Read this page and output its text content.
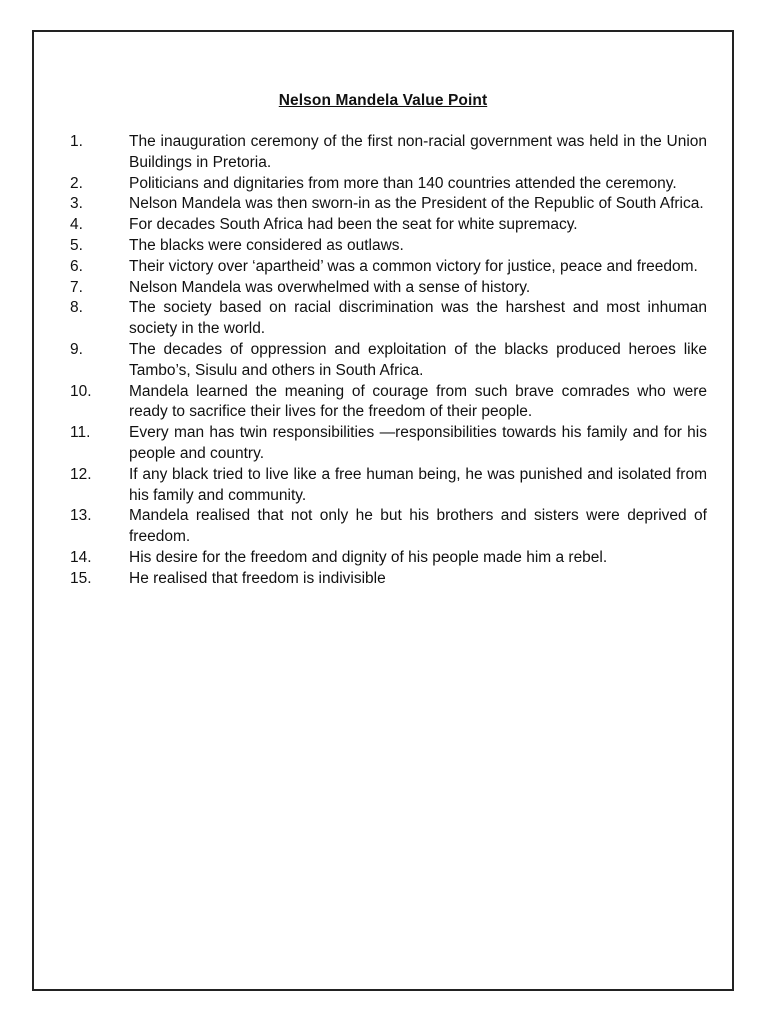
Nelson Mandela Value Point
1.	The inauguration ceremony of the first non-racial government was held in the Union Buildings in Pretoria.
2.	Politicians and dignitaries from more than 140 countries attended the ceremony.
3.	Nelson Mandela was then sworn-in as the President of the Republic of South Africa.
4.	For decades South Africa had been the seat for white supremacy.
5.	The blacks were considered as outlaws.
6.	Their victory over ‘apartheid’ was a common victory for justice, peace and freedom.
7.	Nelson Mandela was overwhelmed with a sense of history.
8.	The society based on racial discrimination was the harshest and most inhuman society in the world.
9.	The decades of oppression and exploitation of the blacks produced heroes like Tambo’s, Sisulu and others in South Africa.
10.	Mandela learned the meaning of courage from such brave comrades who were ready to sacrifice their lives for the freedom of their people.
11.	Every man has twin responsibilities —responsibilities towards his family and for his people and country.
12.	If any black tried to live like a free human being, he was punished and isolated from his family and community.
13.	Mandela realised that not only he but his brothers and sisters were deprived of freedom.
14.	His desire for the freedom and dignity of his people made him a rebel.
15.	He realised that freedom is indivisible
